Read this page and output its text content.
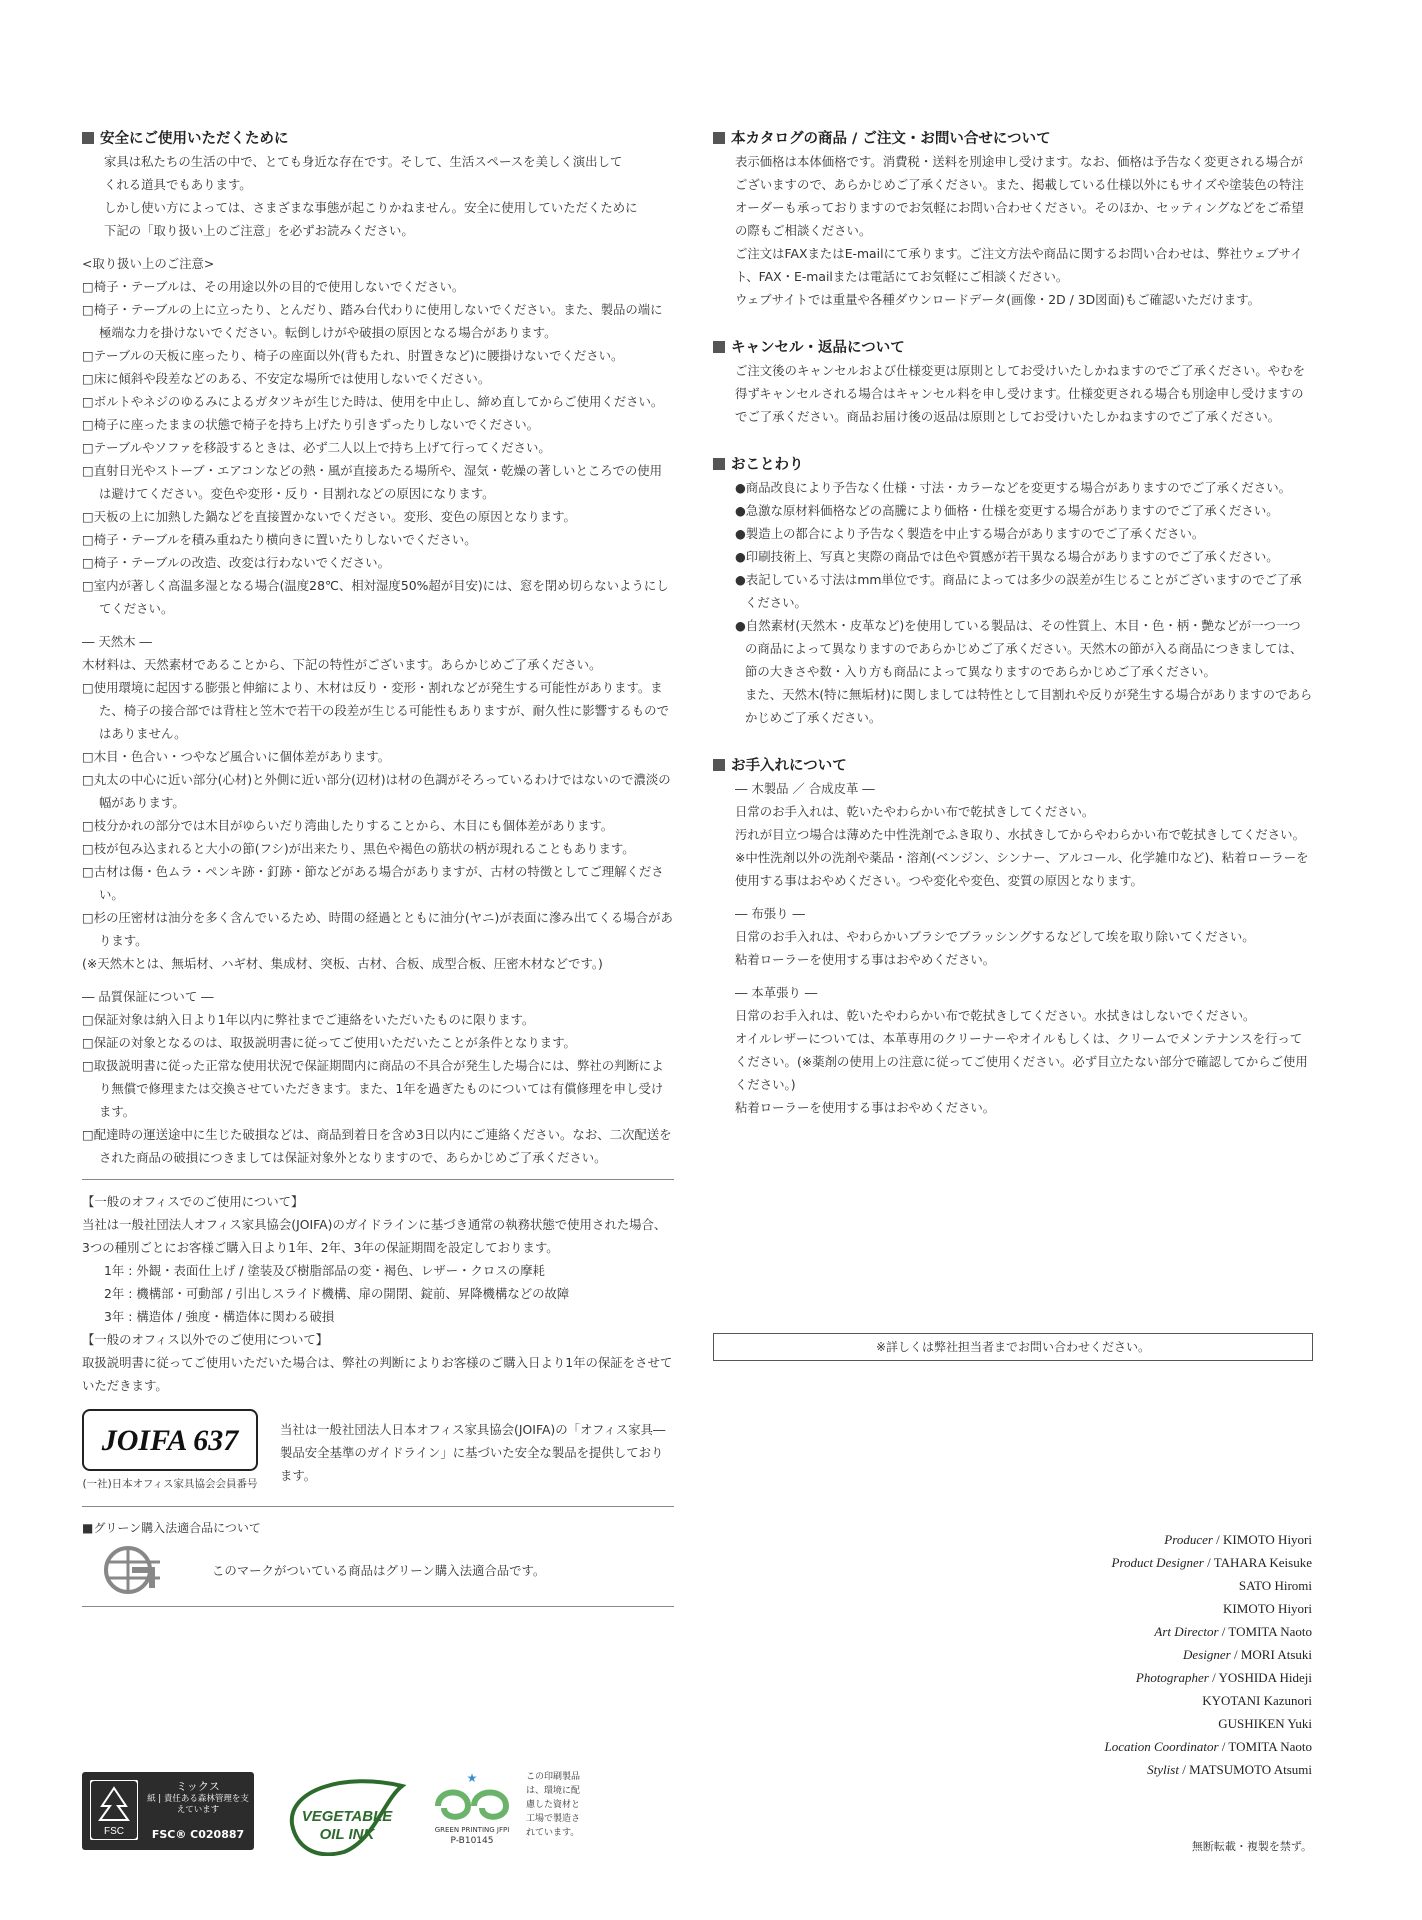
安全にご使用いただくために

家具は私たちの生活の中で、とても身近な存在です。そして、生活スペースを美しく演出して

くれる道具でもあります。

しかし使い方によっては、さまざまな事態が起こりかねません。安全に使用していただくために

下記の「取り扱い上のご注意」を必ずお読みください。

<取り扱い上のご注意>

□椅子・テーブルは、その用途以外の目的で使用しないでください。

□椅子・テーブルの上に立ったり、とんだり、踏み台代わりに使用しないでください。また、製品の端に極端な力を掛けないでください。転倒しけがや破損の原因となる場合があります。

□テーブルの天板に座ったり、椅子の座面以外(背もたれ、肘置きなど)に腰掛けないでください。

□床に傾斜や段差などのある、不安定な場所では使用しないでください。

□ボルトやネジのゆるみによるガタツキが生じた時は、使用を中止し、締め直してからご使用ください。

□椅子に座ったままの状態で椅子を持ち上げたり引きずったりしないでください。

□テーブルやソファを移設するときは、必ず二人以上で持ち上げて行ってください。

□直射日光やストーブ・エアコンなどの熱・風が直接あたる場所や、湿気・乾燥の著しいところでの使用は避けてください。変色や変形・反り・目割れなどの原因になります。

□天板の上に加熱した鍋などを直接置かないでください。変形、変色の原因となります。

□椅子・テーブルを積み重ねたり横向きに置いたりしないでください。

□椅子・テーブルの改造、改変は行わないでください。

□室内が著しく高温多湿となる場合(温度28℃、相対湿度50%超が目安)には、窓を閉め切らないようにしてください。

― 天然木 ―

木材料は、天然素材であることから、下記の特性がございます。あらかじめご了承ください。

□使用環境に起因する膨張と伸縮により、木材は反り・変形・割れなどが発生する可能性があります。また、椅子の接合部では背柱と笠木で若干の段差が生じる可能性もありますが、耐久性に影響するものではありません。

□木目・色合い・つやなど風合いに個体差があります。

□丸太の中心に近い部分(心材)と外側に近い部分(辺材)は材の色調がそろっているわけではないので濃淡の幅があります。

□枝分かれの部分では木目がゆらいだり湾曲したりすることから、木目にも個体差があります。

□枝が包み込まれると大小の節(フシ)が出来たり、黒色や褐色の筋状の柄が現れることもあります。

□古材は傷・色ムラ・ペンキ跡・釘跡・節などがある場合がありますが、古材の特徴としてご理解ください。

□杉の圧密材は油分を多く含んでいるため、時間の経過とともに油分(ヤニ)が表面に滲み出てくる場合があります。

(※天然木とは、無垢材、ハギ材、集成材、突板、古材、合板、成型合板、圧密木材などです。)

― 品質保証について ―

□保証対象は納入日より1年以内に弊社までご連絡をいただいたものに限ります。

□保証の対象となるのは、取扱説明書に従ってご使用いただいたことが条件となります。

□取扱説明書に従った正常な使用状況で保証期間内に商品の不具合が発生した場合には、弊社の判断により無償で修理または交換させていただきます。また、1年を過ぎたものについては有償修理を申し受けます。

□配達時の運送途中に生じた破損などは、商品到着日を含め3日以内にご連絡ください。なお、二次配送をされた商品の破損につきましては保証対象外となりますので、あらかじめご了承ください。

【一般のオフィスでのご使用について】

当社は一般社団法人オフィス家具協会(JOIFA)のガイドラインに基づき通常の執務状態で使用された場合、3つの種別ごとにお客様ご購入日より1年、2年、3年の保証期間を設定しております。

1年 : 外観・表面仕上げ / 塗装及び樹脂部品の変・褐色、レザー・クロスの摩耗

2年 : 機構部・可動部 / 引出しスライド機構、扉の開閉、錠前、昇降機構などの故障

3年 : 構造体 / 強度・構造体に関わる破損

【一般のオフィス以外でのご使用について】

取扱説明書に従ってご使用いただいた場合は、弊社の判断によりお客様のご購入日より1年の保証をさせていただきます。

JOIFA 637
(一社)日本オフィス家具協会会員番号

当社は一般社団法人日本オフィス家具協会(JOIFA)の「オフィス家具―製品安全基準のガイドライン」に基づいた安全な製品を提供しております。

■グリーン購入法適合品について

このマークがついている商品はグリーン購入法適合品です。

本カタログの商品 / ご注文・お問い合せについて

表示価格は本体価格です。消費税・送料を別途申し受けます。なお、価格は予告なく変更される場合がございますので、あらかじめご了承ください。また、掲載している仕様以外にもサイズや塗装色の特注オーダーも承っておりますのでお気軽にお問い合わせください。そのほか、セッティングなどをご希望の際もご相談ください。

ご注文はFAXまたはE-mailにて承ります。ご注文方法や商品に関するお問い合わせは、弊社ウェブサイト、FAX・E-mailまたは電話にてお気軽にご相談ください。

ウェブサイトでは重量や各種ダウンロードデータ(画像・2D / 3D図面)もご確認いただけます。

キャンセル・返品について

ご注文後のキャンセルおよび仕様変更は原則としてお受けいたしかねますのでご了承ください。やむを得ずキャンセルされる場合はキャンセル料を申し受けます。仕様変更される場合も別途申し受けますのでご了承ください。商品お届け後の返品は原則としてお受けいたしかねますのでご了承ください。

おことわり

●商品改良により予告なく仕様・寸法・カラーなどを変更する場合がありますのでご了承ください。

●急激な原材料価格などの高騰により価格・仕様を変更する場合がありますのでご了承ください。

●製造上の都合により予告なく製造を中止する場合がありますのでご了承ください。

●印刷技術上、写真と実際の商品では色や質感が若干異なる場合がありますのでご了承ください。

●表記している寸法はmm単位です。商品によっては多少の誤差が生じることがございますのでご了承ください。

●自然素材(天然木・皮革など)を使用している製品は、その性質上、木目・色・柄・艶などが一つ一つの商品によって異なりますのであらかじめご了承ください。天然木の節が入る商品につきましては、節の大きさや数・入り方も商品によって異なりますのであらかじめご了承ください。

また、天然木(特に無垢材)に関しましては特性として目割れや反りが発生する場合がありますのであらかじめご了承ください。

お手入れについて

― 木製品 ／ 合成皮革 ―

日常のお手入れは、乾いたやわらかい布で乾拭きしてください。

汚れが目立つ場合は薄めた中性洗剤でふき取り、水拭きしてからやわらかい布で乾拭きしてください。

※中性洗剤以外の洗剤や薬品・溶剤(ベンジン、シンナー、アルコール、化学雑巾など)、粘着ローラーを使用する事はおやめください。つや変化や変色、変質の原因となります。

― 布張り ―

日常のお手入れは、やわらかいブラシでブラッシングするなどして埃を取り除いてください。

粘着ローラーを使用する事はおやめください。

― 本革張り ―

日常のお手入れは、乾いたやわらかい布で乾拭きしてください。水拭きはしないでください。

オイルレザーについては、本革専用のクリーナーやオイルもしくは、クリームでメンテナンスを行ってください。(※薬剤の使用上の注意に従ってご使用ください。必ず目立たない部分で確認してからご使用ください。)

粘着ローラーを使用する事はおやめください。

※詳しくは弊社担当者までお問い合わせください。
Producer / KIMOTO Hiyori
Product Designer / TAHARA Keisuke
SATO Hiromi
KIMOTO Hiyori
Art Director / TOMITA Naoto
Designer / MORI Atsuki
Photographer / YOSHIDA Hideji
KYOTANI Kazunori
GUSHIKEN Yuki
Location Coordinator / TOMITA Naoto
Stylist / MATSUMOTO Atsumi
無断転載・複製を禁ず。
FSC
ミックス
紙 | 責任ある森林管理を支えています
FSC® C020887
VEGETABLE
OIL INK
★
GREEN PRINTING JFPI
P-B10145
この印刷製品は、環境に配慮した資材と工場で製造されています。
